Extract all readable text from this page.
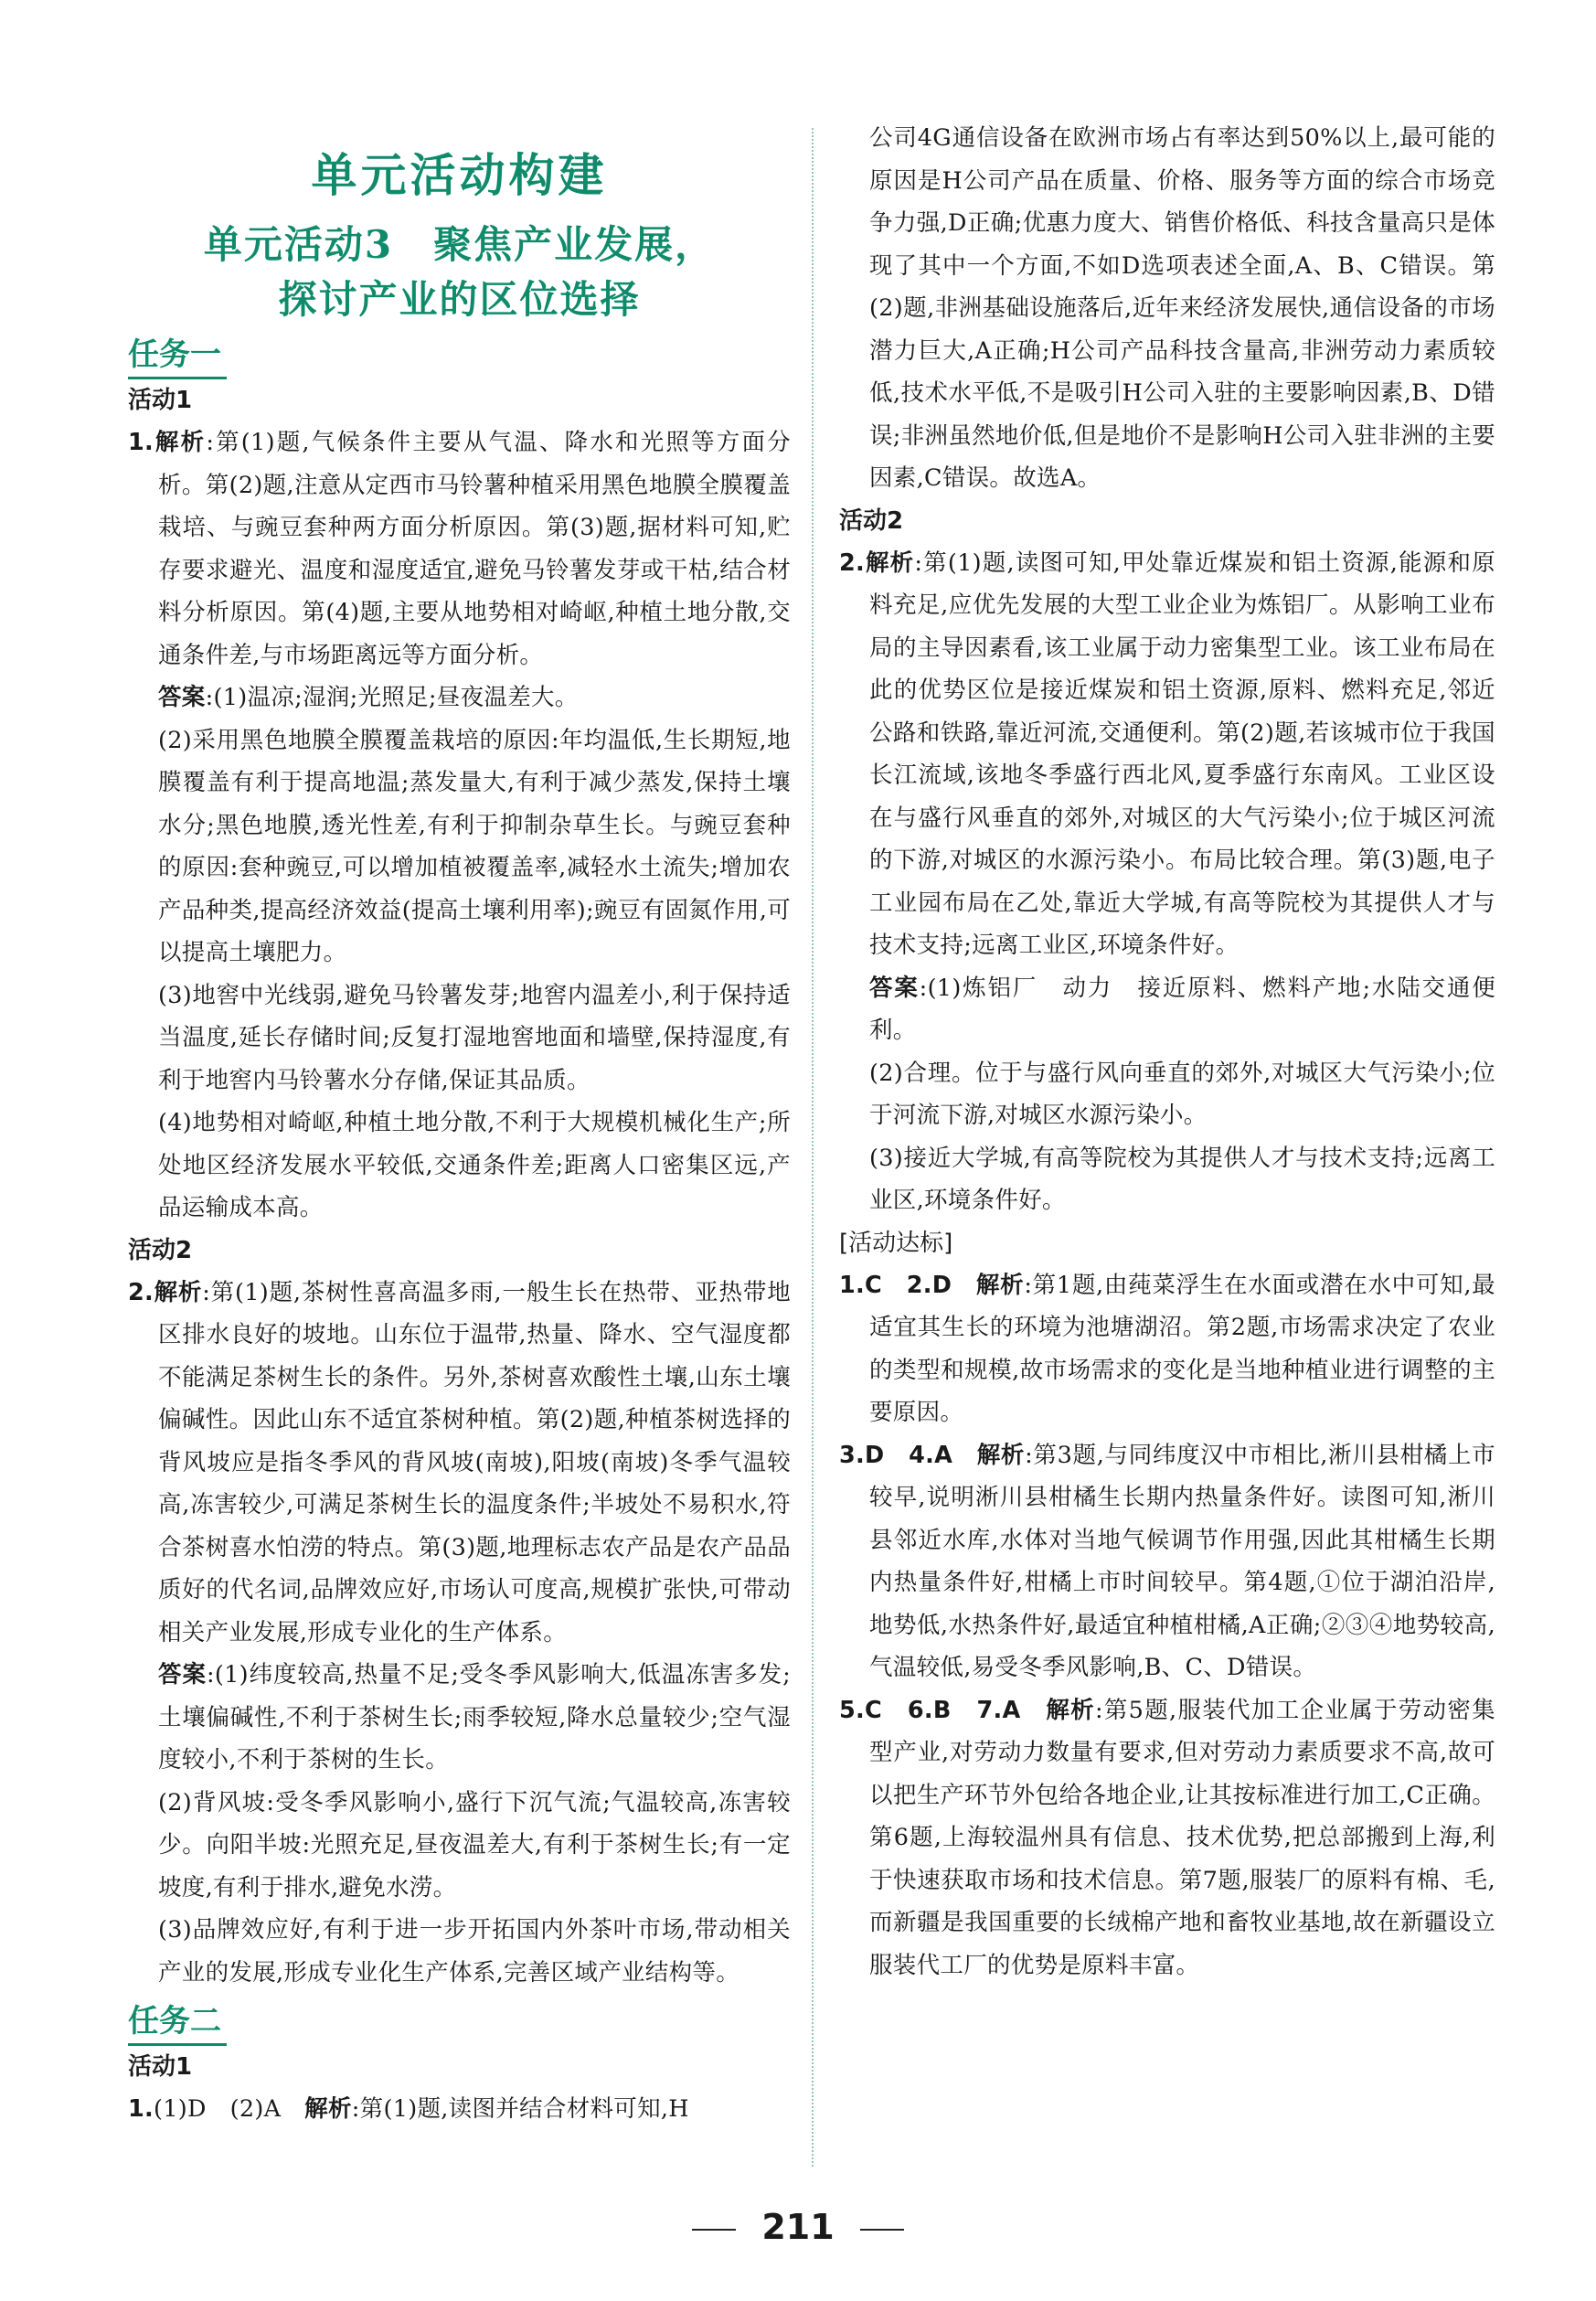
单元活动构建
单元活动3　聚焦产业发展，
探讨产业的区位选择
任务一
活动1
1.解析:第(1)题,气候条件主要从气温、降水和光照等方面分析。第(2)题,注意从定西市马铃薯种植采用黑色地膜全膜覆盖栽培、与豌豆套种两方面分析原因。第(3)题,据材料可知,贮存要求避光、温度和湿度适宜,避免马铃薯发芽或干枯,结合材料分析原因。第(4)题,主要从地势相对崎岖,种植土地分散,交通条件差,与市场距离远等方面分析。
答案:(1)温凉;湿润;光照足;昼夜温差大。
(2)采用黑色地膜全膜覆盖栽培的原因:年均温低,生长期短,地膜覆盖有利于提高地温;蒸发量大,有利于减少蒸发,保持土壤水分;黑色地膜,透光性差,有利于抑制杂草生长。与豌豆套种的原因:套种豌豆,可以增加植被覆盖率,减轻水土流失;增加农产品种类,提高经济效益(提高土壤利用率);豌豆有固氮作用,可以提高土壤肥力。
(3)地窖中光线弱,避免马铃薯发芽;地窖内温差小,利于保持适当温度,延长存储时间;反复打湿地窖地面和墙壁,保持湿度,有利于地窖内马铃薯水分存储,保证其品质。
(4)地势相对崎岖,种植土地分散,不利于大规模机械化生产;所处地区经济发展水平较低,交通条件差;距离人口密集区远,产品运输成本高。
活动2
2.解析:第(1)题,茶树性喜高温多雨,一般生长在热带、亚热带地区排水良好的坡地。山东位于温带,热量、降水、空气湿度都不能满足茶树生长的条件。另外,茶树喜欢酸性土壤,山东土壤偏碱性。因此山东不适宜茶树种植。第(2)题,种植茶树选择的背风坡应是指冬季风的背风坡(南坡),阳坡(南坡)冬季气温较高,冻害较少,可满足茶树生长的温度条件;半坡处不易积水,符合茶树喜水怕涝的特点。第(3)题,地理标志农产品是农产品品质好的代名词,品牌效应好,市场认可度高,规模扩张快,可带动相关产业发展,形成专业化的生产体系。
答案:(1)纬度较高,热量不足;受冬季风影响大,低温冻害多发;土壤偏碱性,不利于茶树生长;雨季较短,降水总量较少;空气湿度较小,不利于茶树的生长。
(2)背风坡:受冬季风影响小,盛行下沉气流;气温较高,冻害较少。向阳半坡:光照充足,昼夜温差大,有利于茶树生长;有一定坡度,有利于排水,避免水涝。
(3)品牌效应好,有利于进一步开拓国内外茶叶市场,带动相关产业的发展,形成专业化生产体系,完善区域产业结构等。
任务二
活动1
1.(1)D　(2)A　解析:第(1)题,读图并结合材料可知,H
公司4G通信设备在欧洲市场占有率达到50%以上,最可能的原因是H公司产品在质量、价格、服务等方面的综合市场竞争力强,D正确;优惠力度大、销售价格低、科技含量高只是体现了其中一个方面,不如D选项表述全面,A、B、C错误。第(2)题,非洲基础设施落后,近年来经济发展快,通信设备的市场潜力巨大,A正确;H公司产品科技含量高,非洲劳动力素质较低,技术水平低,不是吸引H公司入驻的主要影响因素,B、D错误;非洲虽然地价低,但是地价不是影响H公司入驻非洲的主要因素,C错误。故选A。
活动2
2.解析:第(1)题,读图可知,甲处靠近煤炭和铝土资源,能源和原料充足,应优先发展的大型工业企业为炼铝厂。从影响工业布局的主导因素看,该工业属于动力密集型工业。该工业布局在此的优势区位是接近煤炭和铝土资源,原料、燃料充足,邻近公路和铁路,靠近河流,交通便利。第(2)题,若该城市位于我国长江流域,该地冬季盛行西北风,夏季盛行东南风。工业区设在与盛行风垂直的郊外,对城区的大气污染小;位于城区河流的下游,对城区的水源污染小。布局比较合理。第(3)题,电子工业园布局在乙处,靠近大学城,有高等院校为其提供人才与技术支持;远离工业区,环境条件好。
答案:(1)炼铝厂　动力　接近原料、燃料产地;水陆交通便利。
(2)合理。位于与盛行风向垂直的郊外,对城区大气污染小;位于河流下游,对城区水源污染小。
(3)接近大学城,有高等院校为其提供人才与技术支持;远离工业区,环境条件好。
[活动达标]
1.C　2.D　解析:第1题,由莼菜浮生在水面或潜在水中可知,最适宜其生长的环境为池塘湖沼。第2题,市场需求决定了农业的类型和规模,故市场需求的变化是当地种植业进行调整的主要原因。
3.D　4.A　解析:第3题,与同纬度汉中市相比,淅川县柑橘上市较早,说明淅川县柑橘生长期内热量条件好。读图可知,淅川县邻近水库,水体对当地气候调节作用强,因此其柑橘生长期内热量条件好,柑橘上市时间较早。第4题,①位于湖泊沿岸,地势低,水热条件好,最适宜种植柑橘,A正确;②③④地势较高,气温较低,易受冬季风影响,B、C、D错误。
5.C　6.B　7.A　解析:第5题,服装代加工企业属于劳动密集型产业,对劳动力数量有要求,但对劳动力素质要求不高,故可以把生产环节外包给各地企业,让其按标准进行加工,C正确。第6题,上海较温州具有信息、技术优势,把总部搬到上海,利于快速获取市场和技术信息。第7题,服装厂的原料有棉、毛,而新疆是我国重要的长绒棉产地和畜牧业基地,故在新疆设立服装代工厂的优势是原料丰富。
211
